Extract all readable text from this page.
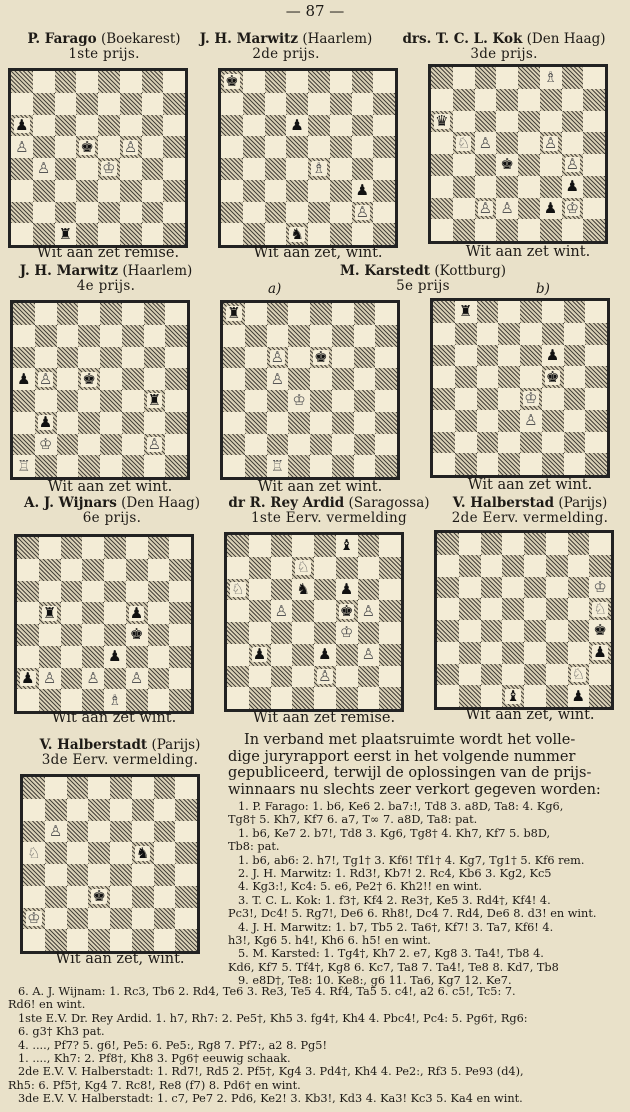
— 87 —
P. Farago (Boekarest)
1ste prijs.
J. H. Marwitz (Haarlem)
2de prijs.
drs. T. C. L. Kok (Den Haag)
3de prijs.
♟
♙	♚ ♙
♙	♔
♜
♚
♟
♗
♟
♙
♞
♗
♛
♘ ♙	♙
♚	♙
♟
♙ ♙ ♟ ♔
Wit aan zet remise.	Wit aan zet, wint.	Wit aan zet wint.
J. H. Marwitz (Haarlem)
4e prijs.
M. Karstedt (Kottburg)
5e prijs
a)	b)
♟ ♙ ♚
♜
♟
♔	♙
♖
♜
♙ ♚
♙
♔
♖
♜
♟
♚
♔
♙
Wit aan zet wint.	Wit aan zet wint.	Wit aan zet wint.
A. J. Wijnars (Den Haag)
6e prijs.
dr R. Rey Ardid (Saragossa)
1ste Eerv. vermelding
V. Halberstad (Parijs)
2de Eerv. vermelding.
♜	♟
♚
♟
♟ ♙ ♙ ♙
♗
♝
♘
♘	♞ ♟
♙	♚ ♙
♔
♟	♟ ♙
♙
♔
♘
♚
♟
♘
♝	♟
Wit aan zet wint.	Wit aan zet remise.	Wit aan zet, wint.
V. Halberstadt (Parijs)
3de Eerv. vermelding.
♙
♘	♞
♚
♔
Wit aan zet, wint.
In verband met plaatsruimte wordt het volle-
dige juryrapport eerst in het volgende nummer
gepubliceerd, terwijl de oplossingen van de prijs-
winnaars nu slechts zeer verkort gegeven worden:
1. P. Farago: 1. b6, Ke6 2. ba7:!, Td8 3. a8D, Ta8: 4. Kg6,
Tg8† 5. Kh7, Kf7 6. a7, T∞ 7. a8D, Ta8: pat.
1. b6, Ke7 2. b7!, Td8 3. Kg6, Tg8† 4. Kh7, Kf7 5. b8D,
Tb8: pat.
1. b6, ab6: 2. h7!, Tg1† 3. Kf6! Tf1† 4. Kg7, Tg1† 5. Kf6 rem.
2. J. H. Marwitz: 1. Rd3!, Kb7! 2. Rc4, Kb6 3. Kg2, Kc5
4. Kg3:!, Kc4: 5. e6, Pe2† 6. Kh2!! en wint.
3. T. C. L. Kok: 1. f3†, Kf4 2. Re3†, Ke5 3. Rd4†, Kf4! 4.
Pc3!, Dc4! 5. Rg7!, De6 6. Rh8!, Dc4 7. Rd4, De6 8. d3! en wint.
4. J. H. Marwitz: 1. b7, Tb5 2. Ta6†, Kf7! 3. Ta7, Kf6! 4.
h3!, Kg6 5. h4!, Kh6 6. h5! en wint.
5. M. Karsted: 1. Tg4†, Kh7 2. e7, Kg8 3. Ta4!, Tb8 4.
Kd6, Kf7 5. Tf4†, Kg8 6. Kc7, Ta8 7. Ta4!, Te8 8. Kd7, Tb8
9. e8D†, Te8: 10. Ke8:, g6 11. Ta6, Kg7 12. Ke7.
6. A. J. Wijnam: 1. Rc3, Tb6 2. Rd4, Te6 3. Re3, Te5 4. Rf4, Ta5 5. c4!, a2 6. c5!, Tc5: 7.
Rd6! en wint.
1ste E.V. Dr. Rey Ardid. 1. h7, Rh7: 2. Pe5†, Kh5 3. fg4†, Kh4 4. Pbc4!, Pc4: 5. Pg6†, Rg6:
6. g3† Kh3 pat.
4. ...., Pf7? 5. g6!, Pe5: 6. Pe5:, Rg8 7. Pf7:, a2 8. Pg5!
1. ...., Kh7: 2. Pf8†, Kh8 3. Pg6† eeuwig schaak.
2de E.V. V. Halberstadt: 1. Rd7!, Rd5 2. Pf5†, Kg4 3. Pd4†, Kh4 4. Pe2:, Rf3 5. Pe93 (d4),
Rh5: 6. Pf5†, Kg4 7. Rc8!, Re8 (f7) 8. Pd6† en wint.
3de E.V. V. Halberstadt: 1. c7, Pe7 2. Pd6, Ke2! 3. Kb3!, Kd3 4. Ka3! Kc3 5. Ka4 en wint.
